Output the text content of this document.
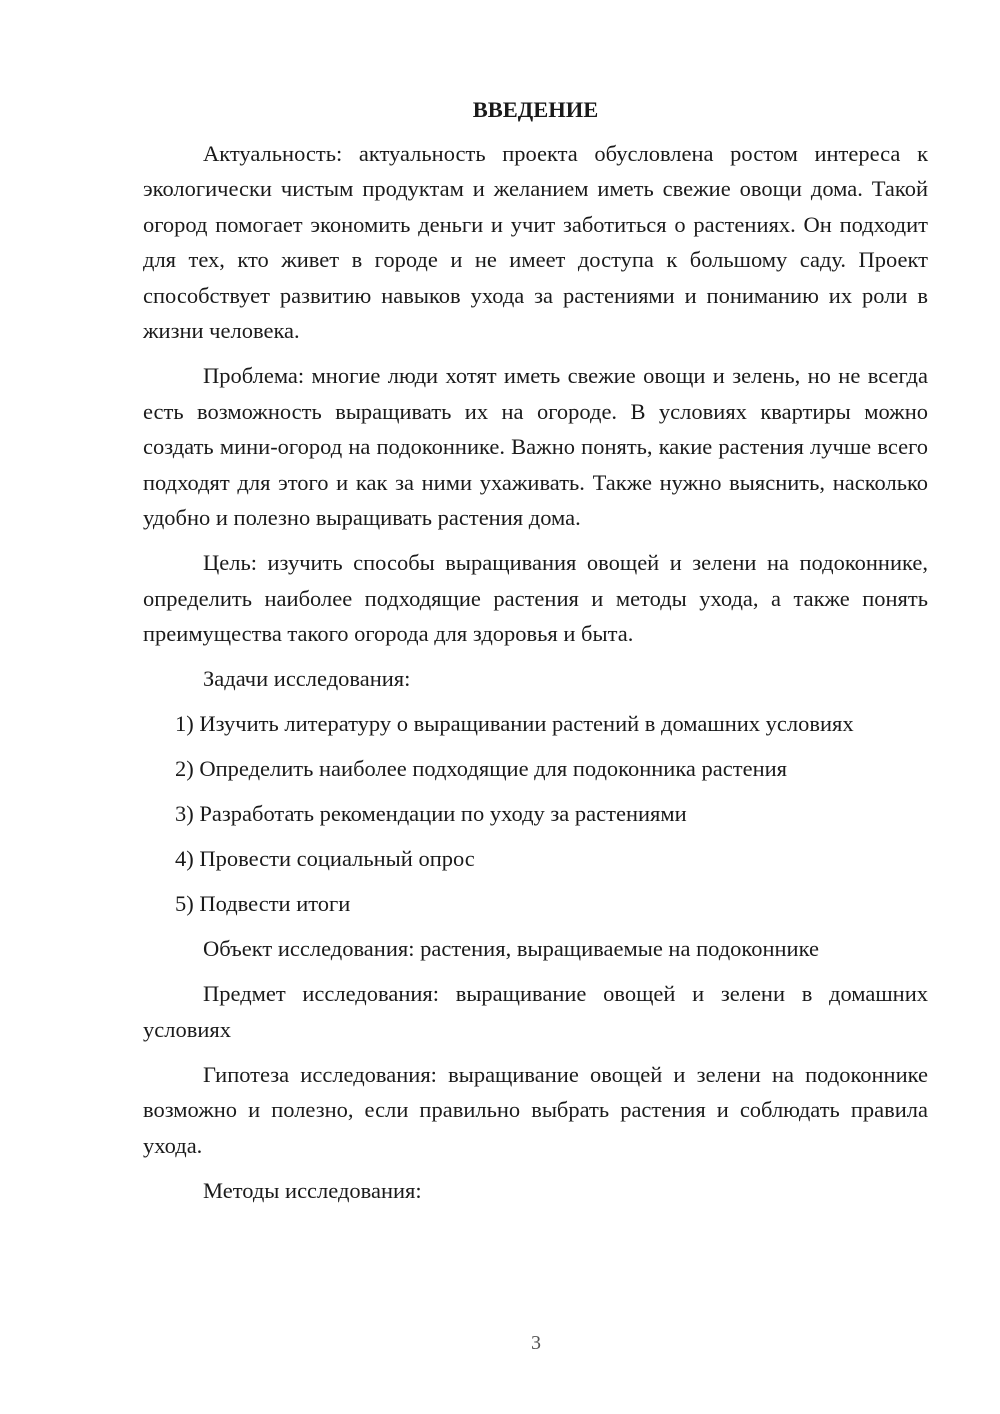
ВВЕДЕНИЕ

Актуальность: актуальность проекта обусловлена ростом интереса к экологически чистым продуктам и желанием иметь свежие овощи дома. Такой огород помогает экономить деньги и учит заботиться о растениях. Он подходит для тех, кто живет в городе и не имеет доступа к большому саду. Проект способствует развитию навыков ухода за растениями и пониманию их роли в жизни человека.

Проблема: многие люди хотят иметь свежие овощи и зелень, но не всегда есть возможность выращивать их на огороде. В условиях квартиры можно создать мини-огород на подоконнике. Важно понять, какие растения лучше всего подходят для этого и как за ними ухаживать. Также нужно выяснить, насколько удобно и полезно выращивать растения дома.

Цель: изучить способы выращивания овощей и зелени на подоконнике, определить наиболее подходящие растения и методы ухода, а также понять преимущества такого огорода для здоровья и быта.

Задачи исследования:

1) Изучить литературу о выращивании растений в домашних условиях
2) Определить наиболее подходящие для подоконника растения
3) Разработать рекомендации по уходу за растениями
4) Провести социальный опрос
5) Подвести итоги

Объект исследования: растения, выращиваемые на подоконнике

Предмет исследования: выращивание овощей и зелени в домашних условиях

Гипотеза исследования: выращивание овощей и зелени на подоконнике возможно и полезно, если правильно выбрать растения и соблюдать правила ухода.

Методы исследования:

3
